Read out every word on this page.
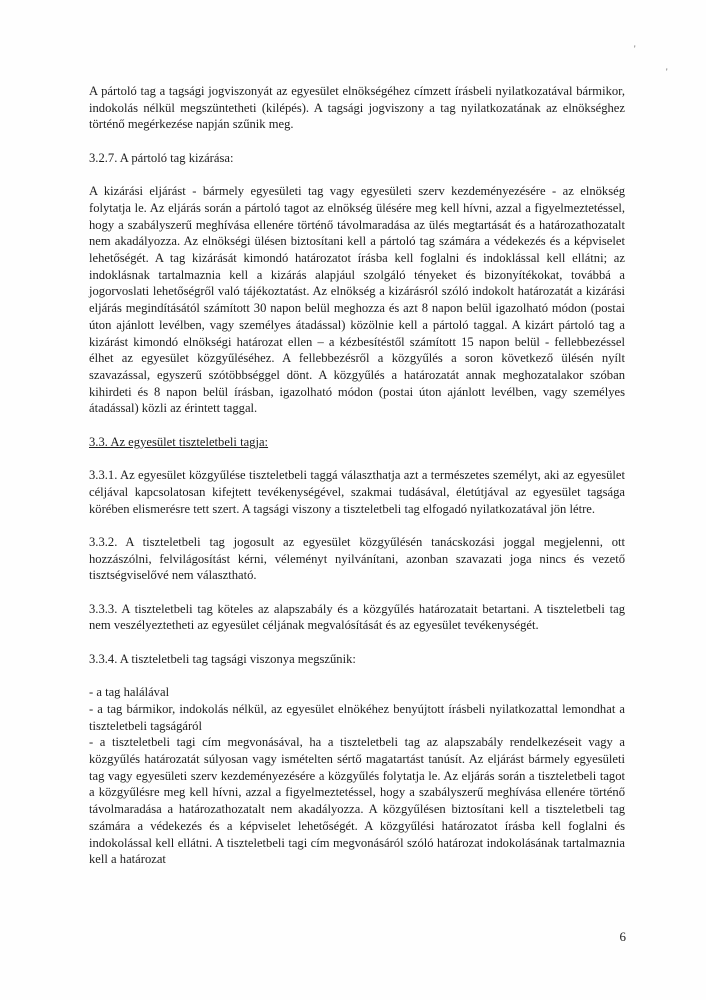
'
'

A pártoló tag a tagsági jogviszonyát az egyesület elnökségéhez címzett írásbeli nyilatkozatával bármikor, indokolás nélkül megszüntetheti (kilépés). A tagsági jogviszony a tag nyilatkozatának az elnökséghez történő megérkezése napján szűnik meg.

3.2.7. A pártoló tag kizárása:

A kizárási eljárást - bármely egyesületi tag vagy egyesületi szerv kezdeményezésére - az elnökség folytatja le. Az eljárás során a pártoló tagot az elnökség ülésére meg kell hívni, azzal a figyelmeztetéssel, hogy a szabályszerű meghívása ellenére történő távolmaradása az ülés megtartását és a határozathozatalt nem akadályozza. Az elnökségi ülésen biztosítani kell a pártoló tag számára a védekezés és a képviselet lehetőségét. A tag kizárását kimondó határozatot írásba kell foglalni és indoklással kell ellátni; az indoklásnak tartalmaznia kell a kizárás alapjául szolgáló tényeket és bizonyítékokat, továbbá a jogorvoslati lehetőségről való tájékoztatást. Az elnökség a kizárásról szóló indokolt határozatát a kizárási eljárás megindításától számított 30 napon belül meghozza és azt 8 napon belül igazolható módon (postai úton ajánlott levélben, vagy személyes átadással) közölnie kell a pártoló taggal. A kizárt pártoló tag a kizárást kimondó elnökségi határozat ellen – a kézbesítéstől számított 15 napon belül - fellebbezéssel élhet az egyesület közgyűléséhez. A fellebbezésről a közgyűlés a soron következő ülésén nyílt szavazással, egyszerű szótöbbséggel dönt. A közgyűlés a határozatát annak meghozatalakor szóban kihirdeti és 8 napon belül írásban, igazolható módon (postai úton ajánlott levélben, vagy személyes átadással) közli az érintett taggal.

3.3. Az egyesület tiszteletbeli tagja:

3.3.1. Az egyesület közgyűlése tiszteletbeli taggá választhatja azt a természetes személyt, aki az egyesület céljával kapcsolatosan kifejtett tevékenységével, szakmai tudásával, életútjával az egyesület tagsága körében elismerésre tett szert. A tagsági viszony a tiszteletbeli tag elfogadó nyilatkozatával jön létre.

3.3.2. A tiszteletbeli tag jogosult az egyesület közgyűlésén tanácskozási joggal megjelenni, ott hozzászólni, felvilágosítást kérni, véleményt nyilvánítani, azonban szavazati joga nincs és vezető tisztségviselővé nem választható.

3.3.3. A tiszteletbeli tag köteles az alapszabály és a közgyűlés határozatait betartani. A tiszteletbeli tag nem veszélyeztetheti az egyesület céljának megvalósítását és az egyesület tevékenységét.

3.3.4. A tiszteletbeli tag tagsági viszonya megszűnik:

- a tag halálával

- a tag bármikor, indokolás nélkül, az egyesület elnökéhez benyújtott írásbeli nyilatkozattal lemondhat a tiszteletbeli tagságáról

- a tiszteletbeli tagi cím megvonásával, ha a tiszteletbeli tag az alapszabály rendelkezéseit vagy a közgyűlés határozatát súlyosan vagy ismételten sértő magatartást tanúsít. Az eljárást bármely egyesületi tag vagy egyesületi szerv kezdeményezésére a közgyűlés folytatja le. Az eljárás során a tiszteletbeli tagot a közgyűlésre meg kell hívni, azzal a figyelmeztetéssel, hogy a szabályszerű meghívása ellenére történő távolmaradása a határozathozatalt nem akadályozza. A közgyűlésen biztosítani kell a tiszteletbeli tag számára a védekezés és a képviselet lehetőségét. A közgyűlési határozatot írásba kell foglalni és indokolással kell ellátni. A tiszteletbeli tagi cím megvonásáról szóló határozat indokolásának tartalmaznia kell a határozat

6
